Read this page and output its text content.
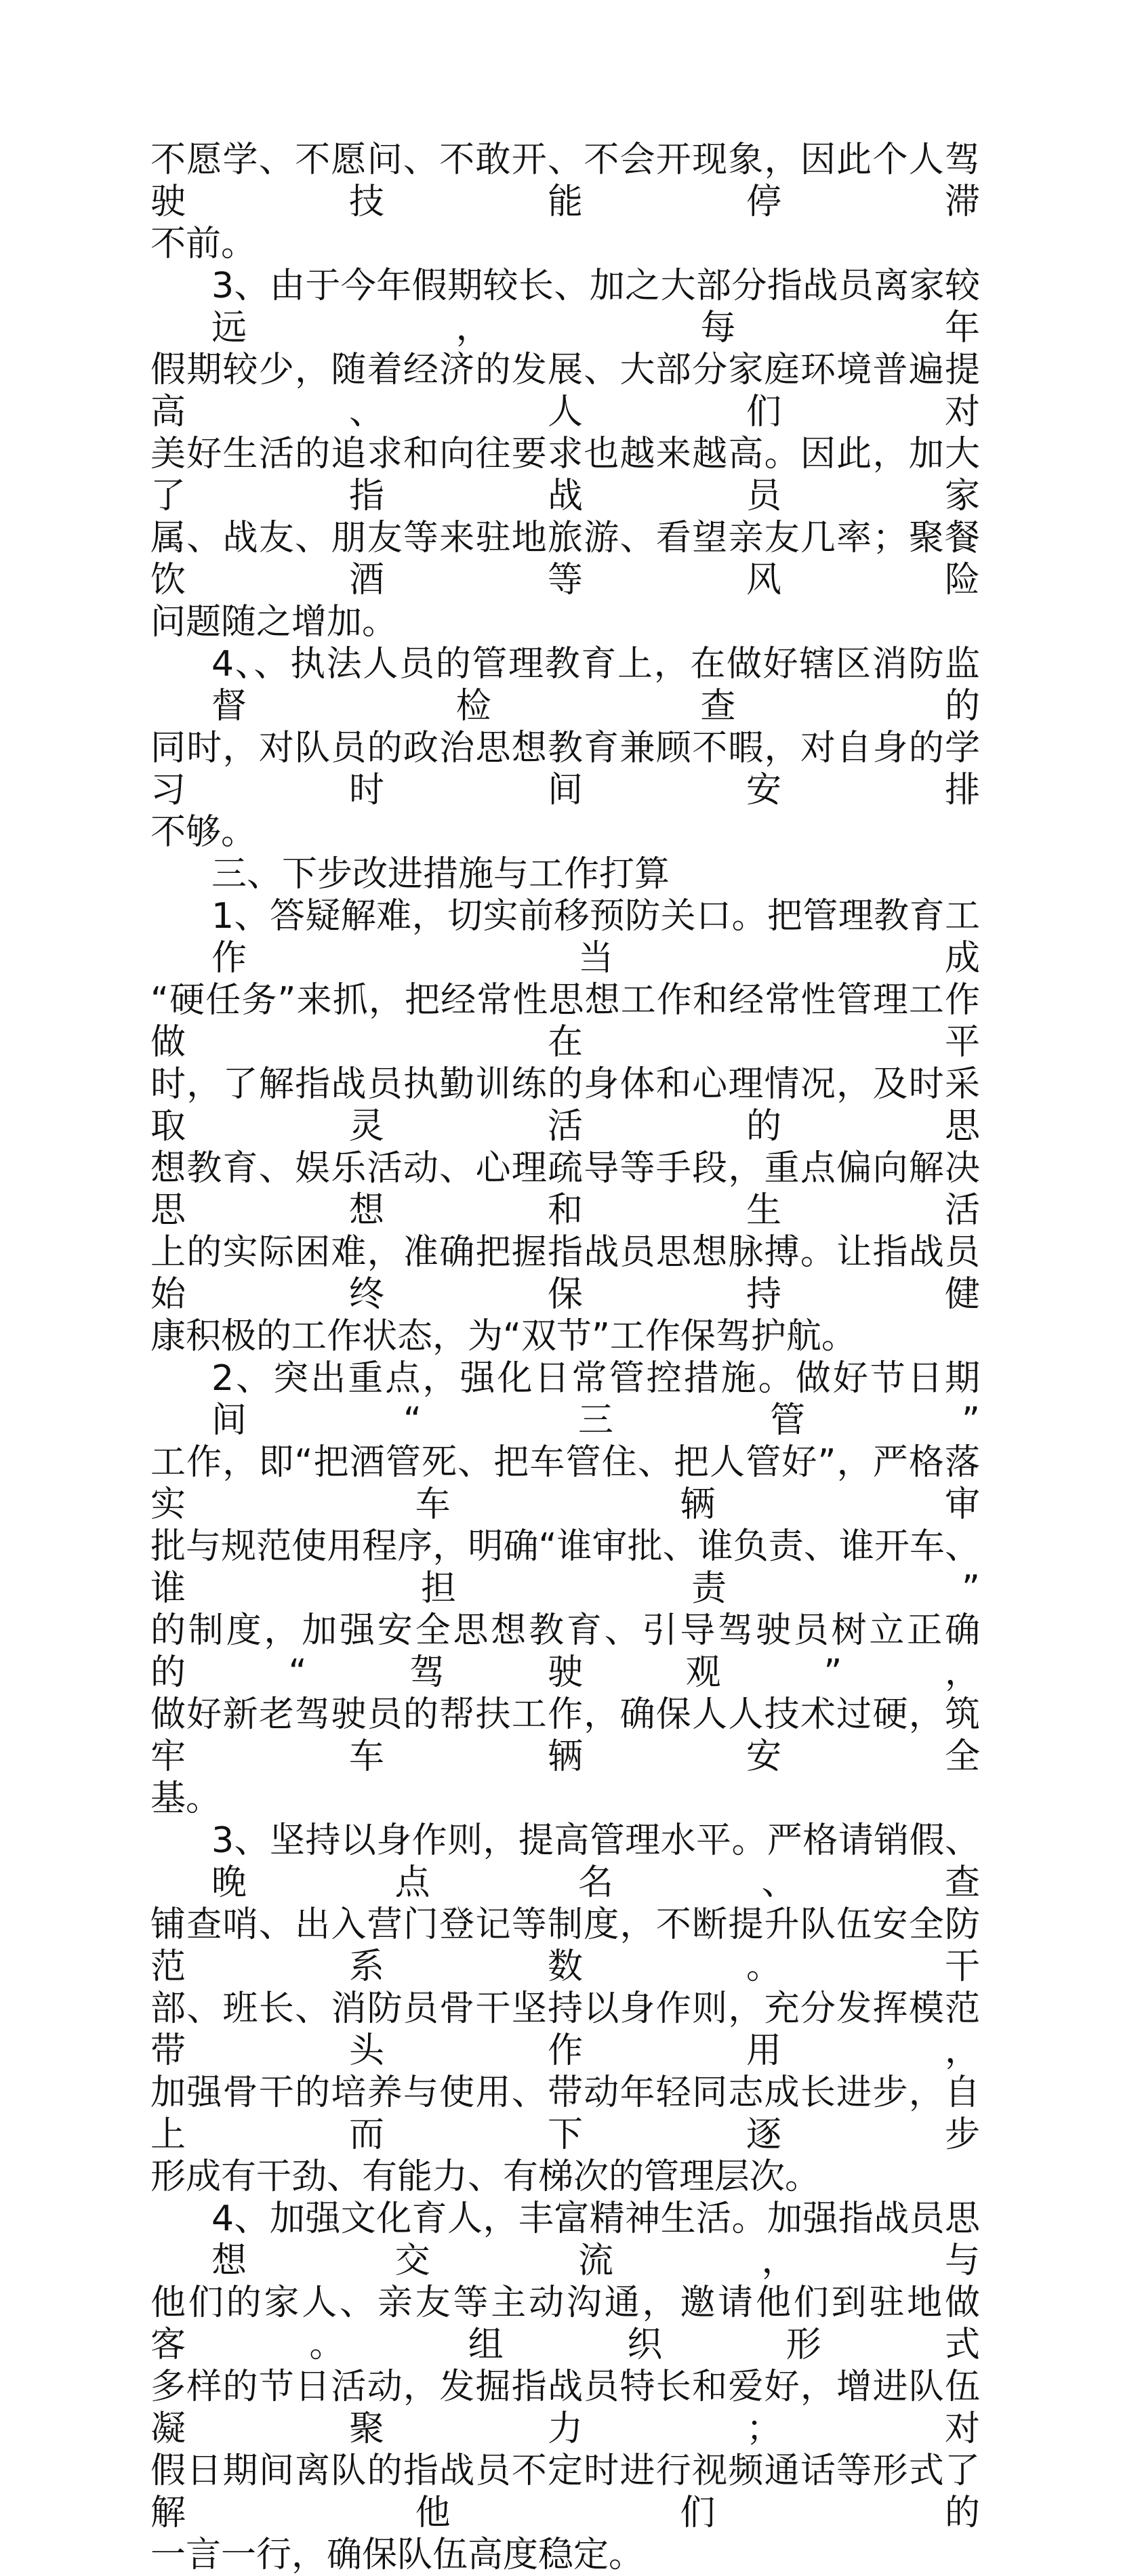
不愿学、不愿问、不敢开、不会开现象，因此个人驾驶技能停滞
不前。
3、由于今年假期较长、加之大部分指战员离家较远，每年
假期较少，随着经济的发展、大部分家庭环境普遍提高、人们对
美好生活的追求和向往要求也越来越高。因此，加大了指战员家
属、战友、朋友等来驻地旅游、看望亲友几率；聚餐饮酒等风险
问题随之增加。
4、、执法人员的管理教育上，在做好辖区消防监督检查的
同时，对队员的政治思想教育兼顾不暇，对自身的学习时间安排
不够。
三、下步改进措施与工作打算
1、答疑解难，切实前移预防关口。把管理教育工作当成
“硬任务”来抓，把经常性思想工作和经常性管理工作做在平
时，了解指战员执勤训练的身体和心理情况，及时采取灵活的思
想教育、娱乐活动、心理疏导等手段，重点偏向解决思想和生活
上的实际困难，准确把握指战员思想脉搏。让指战员始终保持健
康积极的工作状态，为“双节”工作保驾护航。
2、突出重点，强化日常管控措施。做好节日期间“三管”
工作，即“把酒管死、把车管住、把人管好”，严格落实车辆审
批与规范使用程序，明确“谁审批、谁负责、谁开车、谁担责”
的制度，加强安全思想教育、引导驾驶员树立正确的“驾驶观”，
做好新老驾驶员的帮扶工作，确保人人技术过硬，筑牢车辆安全
基。
3、坚持以身作则，提高管理水平。严格请销假、晚点名、查
铺查哨、出入营门登记等制度，不断提升队伍安全防范系数。干
部、班长、消防员骨干坚持以身作则，充分发挥模范带头作用，
加强骨干的培养与使用、带动年轻同志成长进步，自上而下逐步
形成有干劲、有能力、有梯次的管理层次。
4、加强文化育人，丰富精神生活。加强指战员思想交流，与
他们的家人、亲友等主动沟通，邀请他们到驻地做客。组织形式
多样的节日活动，发掘指战员特长和爱好，增进队伍凝聚力；对
假日期间离队的指战员不定时进行视频通话等形式了解他们的
一言一行，确保队伍高度稳定。
